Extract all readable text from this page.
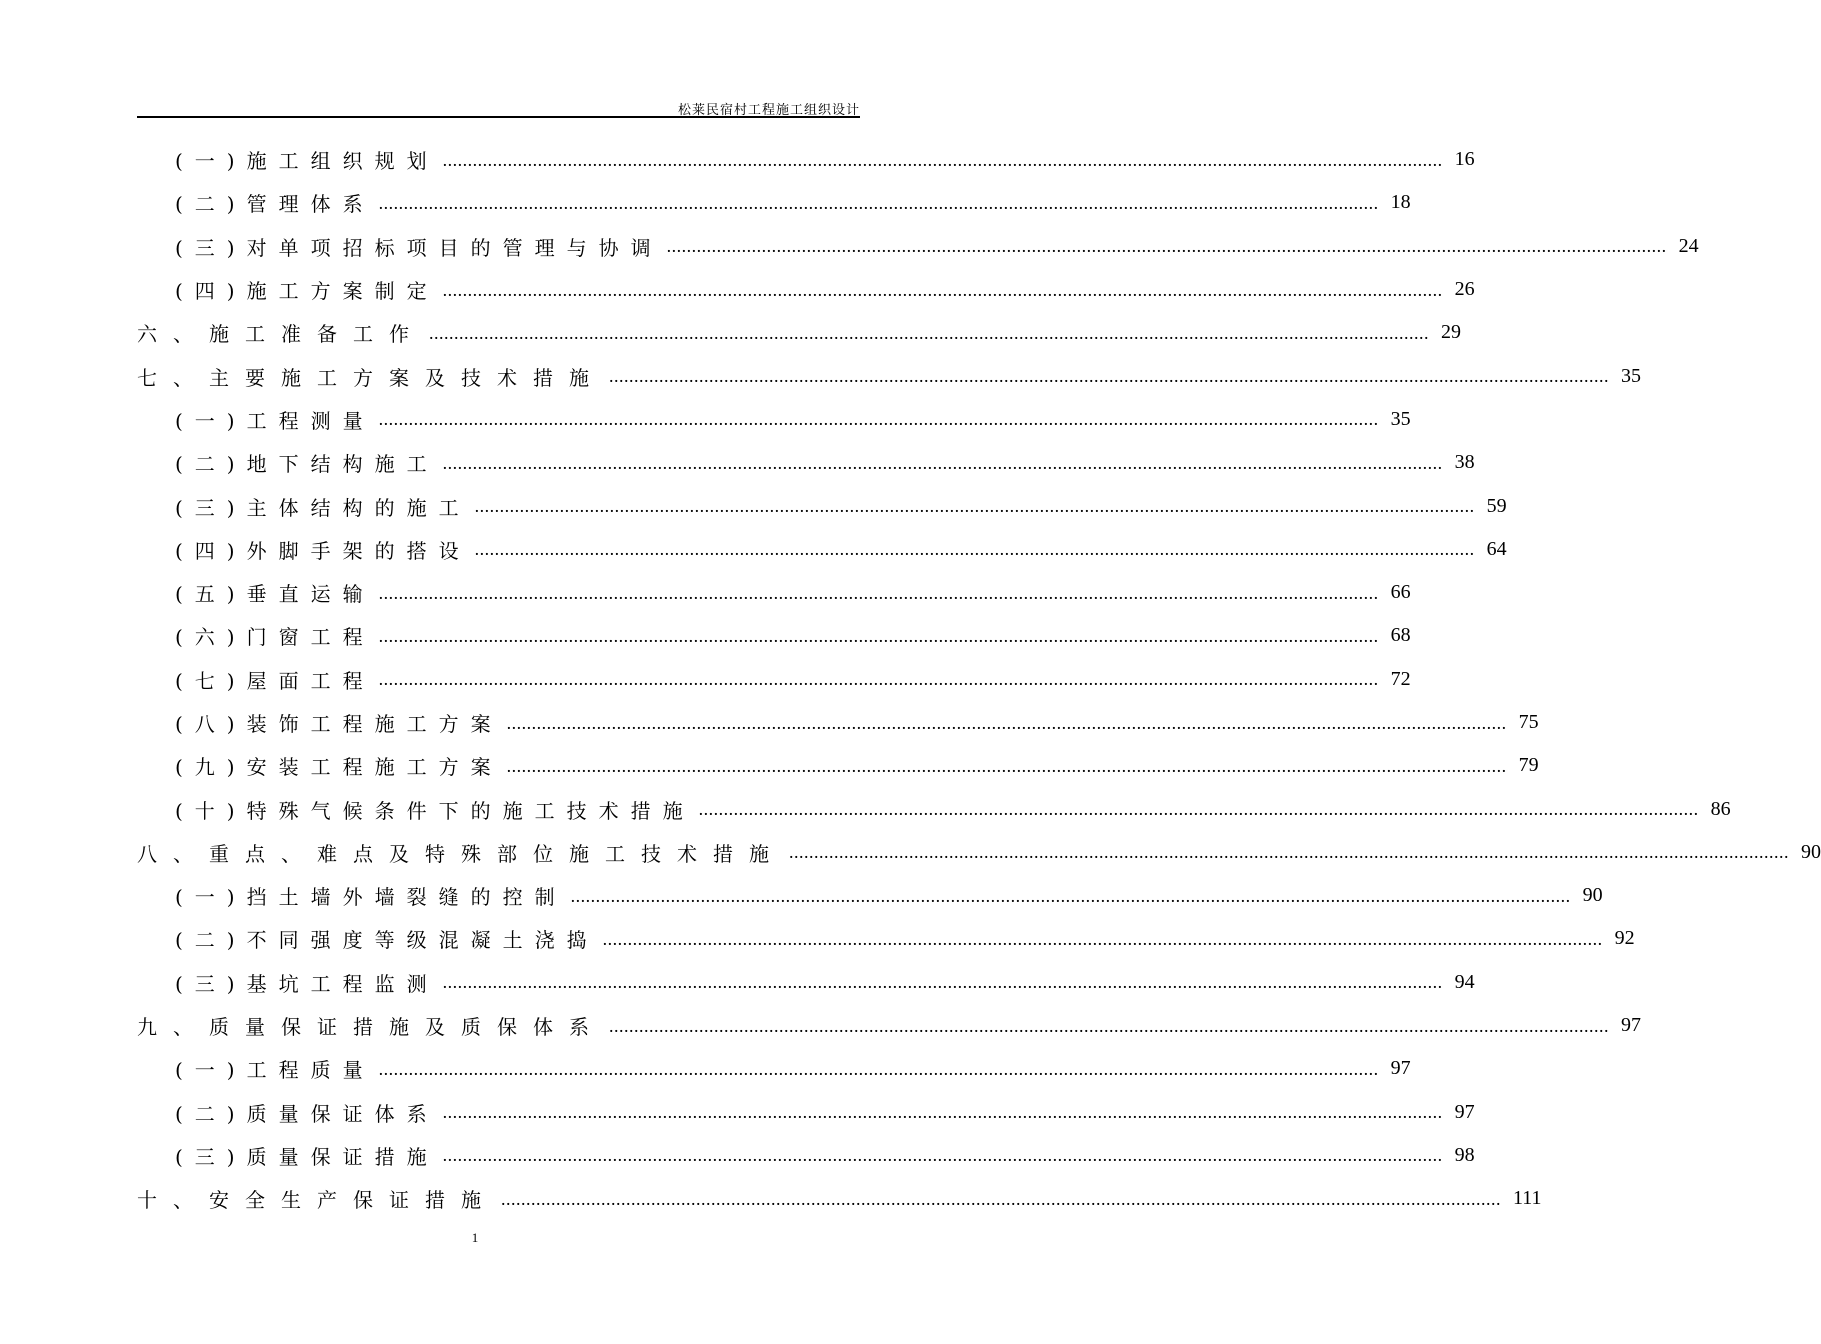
松莱民宿村工程施工组织设计
(一)施工组织规划 ........................................................................................................................................................................................................ 16
(二)管理体系 ........................................................................................................................................................................................................ 18
(三)对单项招标项目的管理与协调 ........................................................................................................................................................................................................ 24
(四)施工方案制定 ........................................................................................................................................................................................................ 26
六、施工准备工作 ........................................................................................................................................................................................................ 29
七、主要施工方案及技术措施 ........................................................................................................................................................................................................ 35
(一)工程测量 ........................................................................................................................................................................................................ 35
(二)地下结构施工 ........................................................................................................................................................................................................ 38
(三)主体结构的施工 ........................................................................................................................................................................................................ 59
(四)外脚手架的搭设 ........................................................................................................................................................................................................ 64
(五)垂直运输 ........................................................................................................................................................................................................ 66
(六)门窗工程 ........................................................................................................................................................................................................ 68
(七)屋面工程 ........................................................................................................................................................................................................ 72
(八)装饰工程施工方案 ........................................................................................................................................................................................................ 75
(九)安装工程施工方案 ........................................................................................................................................................................................................ 79
(十)特殊气候条件下的施工技术措施 ........................................................................................................................................................................................................ 86
八、重点、难点及特殊部位施工技术措施 ........................................................................................................................................................................................................ 90
(一)挡土墙外墙裂缝的控制 ........................................................................................................................................................................................................ 90
(二)不同强度等级混凝土浇捣 ........................................................................................................................................................................................................ 92
(三)基坑工程监测 ........................................................................................................................................................................................................ 94
九、质量保证措施及质保体系 ........................................................................................................................................................................................................ 97
(一)工程质量 ........................................................................................................................................................................................................ 97
(二)质量保证体系 ........................................................................................................................................................................................................ 97
(三)质量保证措施 ........................................................................................................................................................................................................ 98
十、安全生产保证措施 ........................................................................................................................................................................................................ 111
1
